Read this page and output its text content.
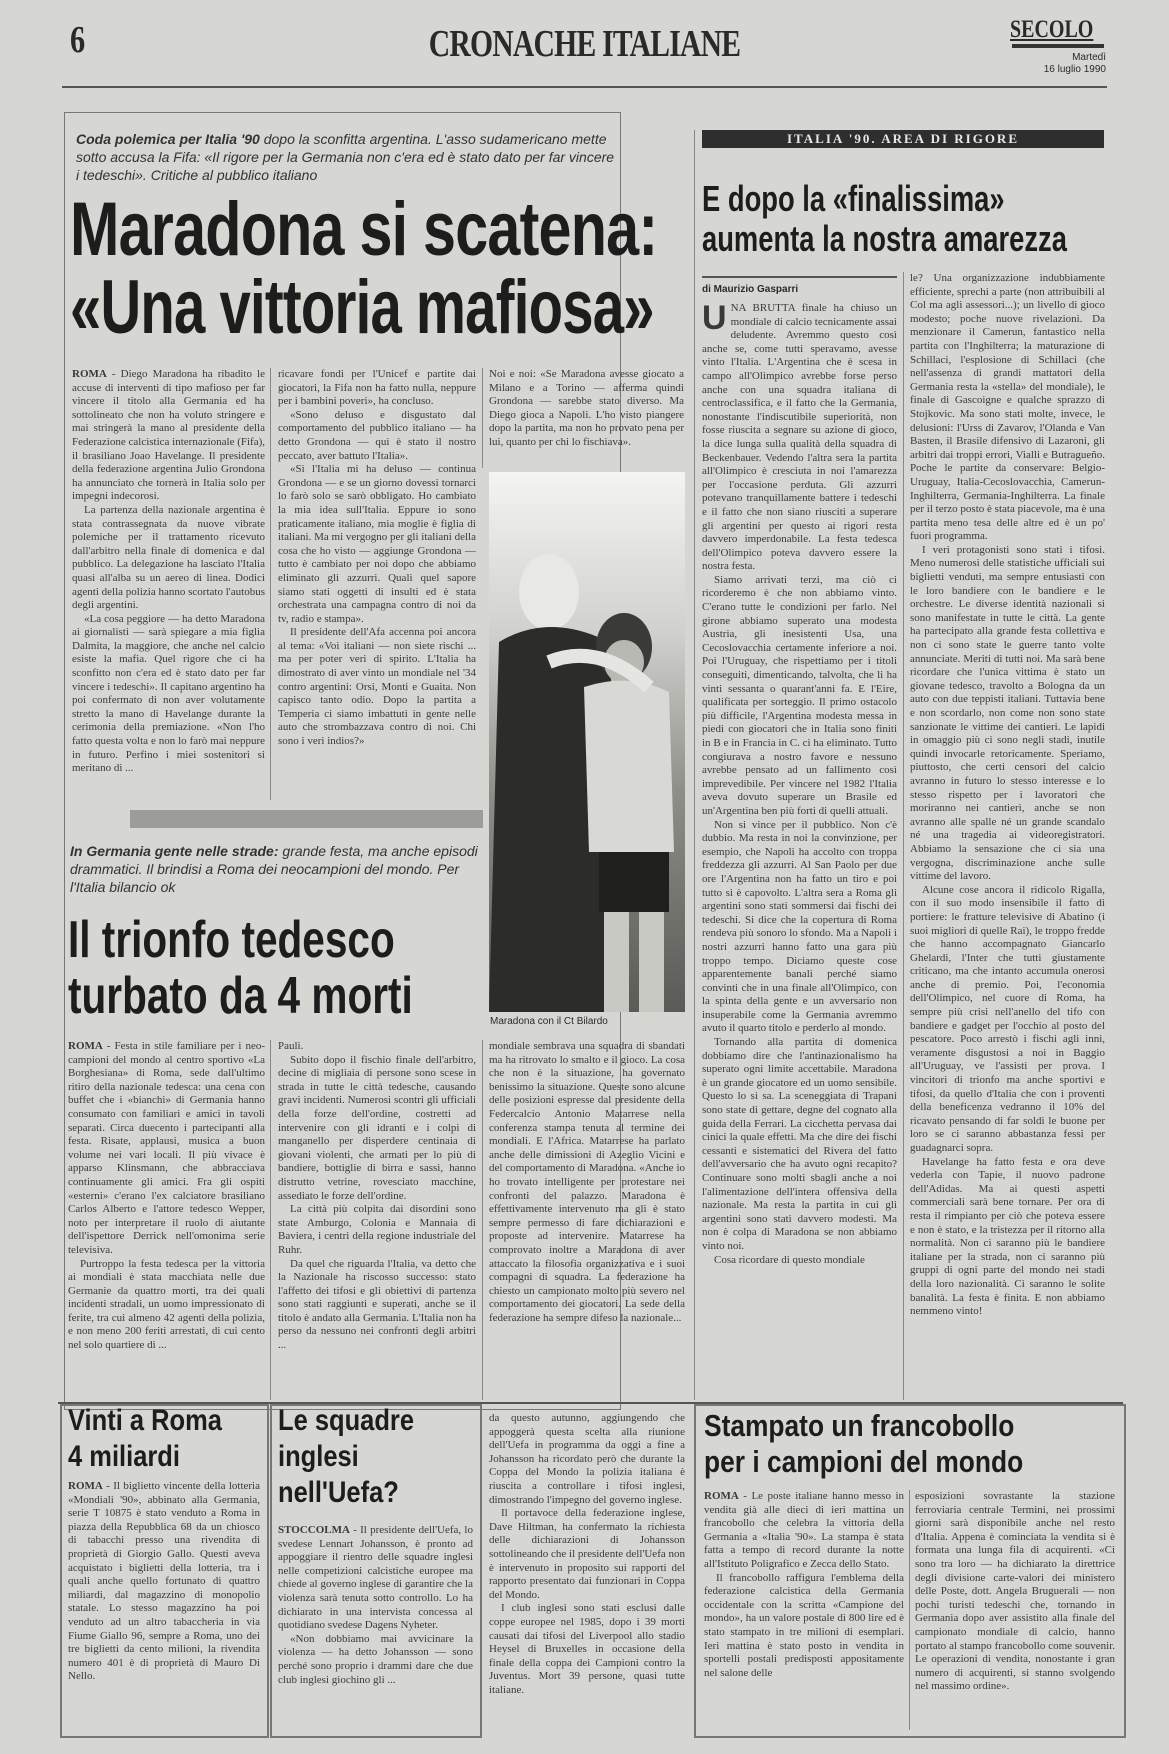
6	CRONACHE ITALIANE	SECOLO
Martedì
16 luglio 1990
Coda polemica per Italia '90 dopo la sconfitta argentina. L'asso sudamericano mette sotto accusa la Fifa: «Il rigore per la Germania non c'era ed è stato dato per far vincere i tedeschi». Critiche al pubblico italiano
Maradona si scatena:
«Una vittoria mafiosa»

ROMA - Diego Maradona ha ribadito le accuse di interventi di tipo mafioso per far vincere il titolo alla Germania ed ha sottolineato che non ha voluto stringere e mai stringerà la mano al presidente della Federazione calcistica internazionale (Fifa), il brasiliano Joao Havelange. Il presidente della federazione argentina Julio Grondona ha annunciato che tornerà in Italia solo per impegni indecorosi.

La partenza della nazionale argentina è stata contrassegnata da nuove vibrate polemiche per il trattamento ricevuto dall'arbitro nella finale di domenica e dal pubblico. La delegazione ha lasciato l'Italia quasi all'alba su un aereo di linea. Dodici agenti della polizia hanno scortato l'autobus degli argentini.

«La cosa peggiore — ha detto Maradona ai giornalisti — sarà spiegare a mia figlia Dalmita, la maggiore, che anche nel calcio esiste la mafia. Quel rigore che ci ha sconfitto non c'era ed è stato dato per far vincere i tedeschi». Il capitano argentino ha poi confermato di non aver volutamente stretto la mano di Havelange durante la cerimonia della premiazione. «Non l'ho fatto questa volta e non lo farò mai neppure in futuro. Perfino i miei sostenitori si meritano di ...

ricavare fondi per l'Unicef e partite dai giocatori, la Fifa non ha fatto nulla, neppure per i bambini poveri», ha concluso.

«Sono deluso e disgustato dal comportamento del pubblico italiano — ha detto Grondona — qui è stato il nostro peccato, aver battuto l'Italia».

«Sì l'Italia mi ha deluso — continua Grondona — e se un giorno dovessi tornarci lo farò solo se sarò obbligato. Ho cambiato la mia idea sull'Italia. Eppure io sono praticamente italiano, mia moglie è figlia di italiani. Ma mi vergogno per gli italiani della cosa che ho visto — aggiunge Grondona — tutto è cambiato per noi dopo che abbiamo eliminato gli azzurri. Quali quel sapore siamo stati oggetti di insulti ed è stata orchestrata una campagna contro di noi da tv, radio e stampa».

Il presidente dell'Afa accenna poi ancora al tema: «Voi italiani — non siete rischi ... ma per poter veri di spirito. L'Italia ha dimostrato di aver vinto un mondiale nel '34 contro argentini: Orsi, Monti e Guaita. Non capisco tanto odio. Dopo la partita a Temperia ci siamo imbattuti in gente nelle auto che strombazzava contro di noi. Chi sono i veri indios?»

Noi e noi: «Se Maradona avesse giocato a Milano e a Torino — afferma quindi Grondona — sarebbe stato diverso. Ma Diego gioca a Napoli. L'ho visto piangere dopo la partita, ma non ho provato pena per lui, quanto per chi lo fischiava».

Maradona con il Ct Bilardo
In Germania gente nelle strade: grande festa, ma anche episodi drammatici. Il brindisi a Roma dei neocampioni del mondo. Per l'Italia bilancio ok
Il trionfo tedesco
turbato da 4 morti

ROMA - Festa in stile familiare per i neo-campioni del mondo al centro sportivo «La Borghesiana» di Roma, sede dall'ultimo ritiro della nazionale tedesca: una cena con buffet che i «bianchi» di Germania hanno consumato con familiari e amici in tavoli separati. Circa duecento i partecipanti alla festa. Risate, applausi, musica a buon volume nei vari locali. Il più vivace è apparso Klinsmann, che abbracciava continuamente gli amici. Fra gli ospiti «esterni» c'erano l'ex calciatore brasiliano Carlos Alberto e l'attore tedesco Wepper, noto per interpretare il ruolo di aiutante dell'ispettore Derrick nell'omonima serie televisiva.

Purtroppo la festa tedesca per la vittoria ai mondiali è stata macchiata nelle due Germanie da quattro morti, tra dei quali incidenti stradali, un uomo impressionato di ferite, tra cui almeno 42 agenti della polizia, e non meno 200 feriti arrestati, di cui cento nel solo quartiere di ...

Pauli.

Subito dopo il fischio finale dell'arbitro, decine di migliaia di persone sono scese in strada in tutte le città tedesche, causando gravi incidenti. Numerosi scontri gli ufficiali della forze dell'ordine, costretti ad intervenire con gli idranti e i colpi di manganello per disperdere centinaia di giovani violenti, che armati per lo più di bandiere, bottiglie di birra e sassi, hanno distrutto vetrine, rovesciato macchine, assediato le forze dell'ordine.

La città più colpita dai disordini sono state Amburgo, Colonia e Mannaia di Baviera, i centri della regione industriale del Ruhr.

Da quel che riguarda l'Italia, va detto che la Nazionale ha riscosso successo: stato l'affetto dei tifosi e gli obiettivi di partenza sono stati raggiunti e superati, anche se il titolo è andato alla Germania. L'Italia non ha perso da nessuno nei confronti degli arbitri ...

mondiale sembrava una squadra di sbandati ma ha ritrovato lo smalto e il gioco. La cosa che non è la situazione, ha governato benissimo la situazione. Queste sono alcune delle posizioni espresse dal presidente della Federcalcio Antonio Matarrese nella conferenza stampa tenuta al termine dei mondiali. E l'Africa. Matarrese ha parlato anche delle dimissioni di Azeglio Vicini e del comportamento di Maradona. «Anche io ho trovato intelligente per protestare nei confronti del palazzo. Maradona è effettivamente intervenuto ma gli è stato sempre permesso di fare dichiarazioni e proposte ad intervenire. Matarrese ha comprovato inoltre a Maradona di aver attaccato la filosofia organizzativa e i suoi compagni di squadra. La federazione ha chiesto un campionato molto più severo nel comportamento dei giocatori. La sede della federazione ha sempre difeso la nazionale...

ITALIA '90. AREA DI RIGORE
E dopo la «finalissima»
aumenta la nostra amarezza
di Maurizio Gasparri

UNA BRUTTA finale ha chiuso un mondiale di calcio tecnicamente assai deludente. Avremmo questo così anche se, come tutti speravamo, avesse vinto l'Italia. L'Argentina che è scesa in campo all'Olimpico avrebbe forse perso anche con una squadra italiana di centroclassifica, e il fatto che la Germania, nonostante l'indiscutibile superiorità, non fosse riuscita a segnare su azione di gioco, la dice lunga sulla qualità della squadra di Beckenbauer. Vedendo l'altra sera la partita all'Olimpico è cresciuta in noi l'amarezza per l'occasione perduta. Gli azzurri potevano tranquillamente battere i tedeschi e il fatto che non siano riusciti a superare gli argentini per questo ai rigori resta davvero imperdonabile. La festa tedesca dell'Olimpico poteva davvero essere la nostra festa.

Siamo arrivati terzi, ma ciò ci ricorderemo è che non abbiamo vinto. C'erano tutte le condizioni per farlo. Nel girone abbiamo superato una modesta Austria, gli inesistenti Usa, una Cecoslovacchia certamente inferiore a noi. Poi l'Uruguay, che rispettiamo per i titoli conseguiti, dimenticando, talvolta, che li ha vinti sessanta o quarant'anni fa. E l'Eire, qualificata per sorteggio. Il primo ostacolo più difficile, l'Argentina modesta messa in piedi con giocatori che in Italia sono finiti in B e in Francia in C. ci ha eliminato. Tutto congiurava a nostro favore e nessuno avrebbe pensato ad un fallimento così imprevedibile. Per vincere nel 1982 l'Italia aveva dovuto superare un Brasile ed un'Argentina ben più forti di quelli attuali.

Non si vince per il pubblico. Non c'è dubbio. Ma resta in noi la convinzione, per esempio, che Napoli ha accolto con troppa freddezza gli azzurri. Al San Paolo per due ore l'Argentina non ha fatto un tiro e poi tutto si è capovolto. L'altra sera a Roma gli argentini sono stati sommersi dai fischi dei tedeschi. Si dice che la copertura di Roma rendeva più sonoro lo sfondo. Ma a Napoli i nostri azzurri hanno fatto una gara più troppo tempo. Diciamo queste cose apparentemente banali perché siamo convinti che in una finale all'Olimpico, con la spinta della gente e un avversario non insuperabile come la Germania avremmo avuto il quarto titolo e perderlo al mondo.

Tornando alla partita di domenica dobbiamo dire che l'antinazionalismo ha superato ogni limite accettabile. Maradona è un grande giocatore ed un uomo sensibile. Questo lo si sa. La sceneggiata di Trapani sono state di gettare, degne del cognato alla guida della Ferrari. La cicchetta pervasa dai cinici la quale effetti. Ma che dire dei fischi cessanti e sistematici del Rivera del fatto dell'avversario che ha avuto ogni recapito? Continuare sono molti sbagli anche a noi l'alimentazione dell'intera offensiva della nazionale. Ma resta la partita in cui gli argentini sono stati davvero modesti. Ma non è colpa di Maradona se non abbiamo vinto noi.

Cosa ricordare di questo mondiale

le? Una organizzazione indubbiamente efficiente, sprechi a parte (non attribuibili al Col ma agli assessori...); un livello di gioco modesto; poche nuove rivelazioni. Da menzionare il Camerun, fantastico nella partita con l'Inghilterra; la maturazione di Schillaci, l'esplosione di Schillaci (che nell'assenza di grandi mattatori della Germania resta la «stella» del mondiale), le finale di Gascoigne e qualche sprazzo di Stojkovic. Ma sono stati molte, invece, le delusioni: l'Urss di Zavarov, l'Olanda e Van Basten, il Brasile difensivo di Lazaroni, gli arbitri dai troppi errori, Vialli e Butragueño. Poche le partite da conservare: Belgio-Uruguay, Italia-Cecoslovacchia, Camerun-Inghilterra, Germania-Inghilterra. La finale per il terzo posto è stata piacevole, ma è una partita meno tesa delle altre ed è un po' fuori programma.

I veri protagonisti sono stati i tifosi. Meno numerosi delle statistiche ufficiali sui biglietti venduti, ma sempre entusiasti con le loro bandiere con le bandiere e le orchestre. Le diverse identità nazionali si sono manifestate in tutte le città. La gente ha partecipato alla grande festa collettiva e non ci sono state le guerre tanto volte annunciate. Meriti di tutti noi. Ma sarà bene ricordare che l'unica vittima è stato un giovane tedesco, travolto a Bologna da un auto con due teppisti italiani. Tuttavia bene e non scordarlo, non come non sono state sanzionate le vittime dei cantieri. Le lapidi in omaggio più ci sono negli stadi, inutile quindi invocarle retoricamente. Speriamo, piuttosto, che certi censori del calcio avranno in futuro lo stesso interesse e lo stesso rispetto per i lavoratori che moriranno nei cantieri, anche se non avranno alle spalle né un grande scandalo né una tragedia ai videoregistratori. Abbiamo la sensazione che ci sia una vergogna, discriminazione anche sulle vittime del lavoro.

Alcune cose ancora il ridicolo Rigalla, con il suo modo insensibile il fatto di portiere: le fratture televisive di Abatino (i suoi migliori di quelle Rai), le troppo fredde che hanno accompagnato Giancarlo Ghelardi, l'Inter che tutti giustamente criticano, ma che intanto accumula onerosi anche di premio. Poi, l'economia dell'Olimpico, nel cuore di Roma, ha sempre più crisi nell'anello del tifo con bandiere e gadget per l'occhio al posto del pescatore. Poco arrestò i fischi agli inni, veramente disgustosi a noi in Baggio all'Uruguay, ve l'assisti per prova. I vincitori di trionfo ma anche sportivi e tifosi, da quello d'Italia che con i proventi della beneficenza vedranno il 10% del ricavato pensando di far soldi le buone per loro se ci saranno abbastanza fessi per guadagnarci sopra.

Havelange ha fatto festa e ora deve vederla con Tapie, il nuovo padrone dell'Adidas. Ma ai questi aspetti commerciali sarà bene tornare. Per ora di resta il rimpianto per ciò che poteva essere e non è stato, e la tristezza per il ritorno alla normalità. Non ci saranno più le bandiere italiane per la strada, non ci saranno più gruppi di ogni parte del mondo nei stadi della loro nazionalità. Ci saranno le solite banalità. La festa è finita. E non abbiamo nemmeno vinto!

Vinti a Roma
4 miliardi

ROMA - Il biglietto vincente della lotteria «Mondiali '90», abbinato alla Germania, serie T 10875 è stato venduto a Roma in piazza della Repubblica 68 da un chiosco di tabacchi presso una rivendita di proprietà di Giorgio Gallo. Questi aveva acquistato i biglietti della lotteria, tra i quali anche quello fortunato di quattro miliardi, dal magazzino di monopolio statale. Lo stesso magazzino ha poi venduto ad un altro tabaccheria in via Fiume Giallo 96, sempre a Roma, uno dei tre biglietti da cento milioni, la rivendita numero 401 è di proprietà di Mauro Di Nello.

Le squadre
inglesi
nell'Uefa?

STOCCOLMA - Il presidente dell'Uefa, lo svedese Lennart Johansson, è pronto ad appoggiare il rientro delle squadre inglesi nelle competizioni calcistiche europee ma chiede al governo inglese di garantire che la violenza sarà tenuta sotto controllo. Lo ha dichiarato in una intervista concessa al quotidiano svedese Dagens Nyheter.

«Non dobbiamo mai avvicinare la violenza — ha detto Johansson — sono perché sono proprio i drammi dare che due club inglesi giochino gli ...

da questo autunno, aggiungendo che appoggerà questa scelta alla riunione dell'Uefa in programma da oggi a fine a Johansson ha ricordato però che durante la Coppa del Mondo la polizia italiana è riuscita a controllare i tifosi inglesi, dimostrando l'impegno del governo inglese.

Il portavoce della federazione inglese, Dave Hiltman, ha confermato la richiesta delle dichiarazioni di Johansson sottolineando che il presidente dell'Uefa non è intervenuto in proposito sui rapporti del rapporto presentato dai funzionari in Coppa del Mondo.

I club inglesi sono stati esclusi dalle coppe europee nel 1985, dopo i 39 morti causati dai tifosi del Liverpool allo stadio Heysel di Bruxelles in occasione della finale della coppa dei Campioni contro la Juventus. Mort 39 persone, quasi tutte italiane.

Stampato un francobollo
per i campioni del mondo

ROMA - Le poste italiane hanno messo in vendita già alle dieci di ieri mattina un francobollo che celebra la vittoria della Germania a «Italia '90». La stampa è stata fatta a tempo di record durante la notte all'Istituto Poligrafico e Zecca dello Stato.

Il francobollo raffigura l'emblema della federazione calcistica della Germania occidentale con la scritta «Campione del mondo», ha un valore postale di 800 lire ed è stato stampato in tre milioni di esemplari. Ieri mattina è stato posto in vendita in sportelli postali predisposti appositamente nel salone delle

esposizioni sovrastante la stazione ferroviaria centrale Termini, nei prossimi giorni sarà disponibile anche nel resto d'Italia. Appena è cominciata la vendita si è formata una lunga fila di acquirenti. «Ci sono tra loro — ha dichiarato la direttrice degli divisione carte-valori dei ministero delle Poste, dott. Angela Bruguerali — non pochi turisti tedeschi che, tornando in Germania dopo aver assistito alla finale del campionato mondiale di calcio, hanno portato al stampo francobollo come souvenir. Le operazioni di vendita, nonostante i gran numero di acquirenti, si stanno svolgendo nel massimo ordine».
